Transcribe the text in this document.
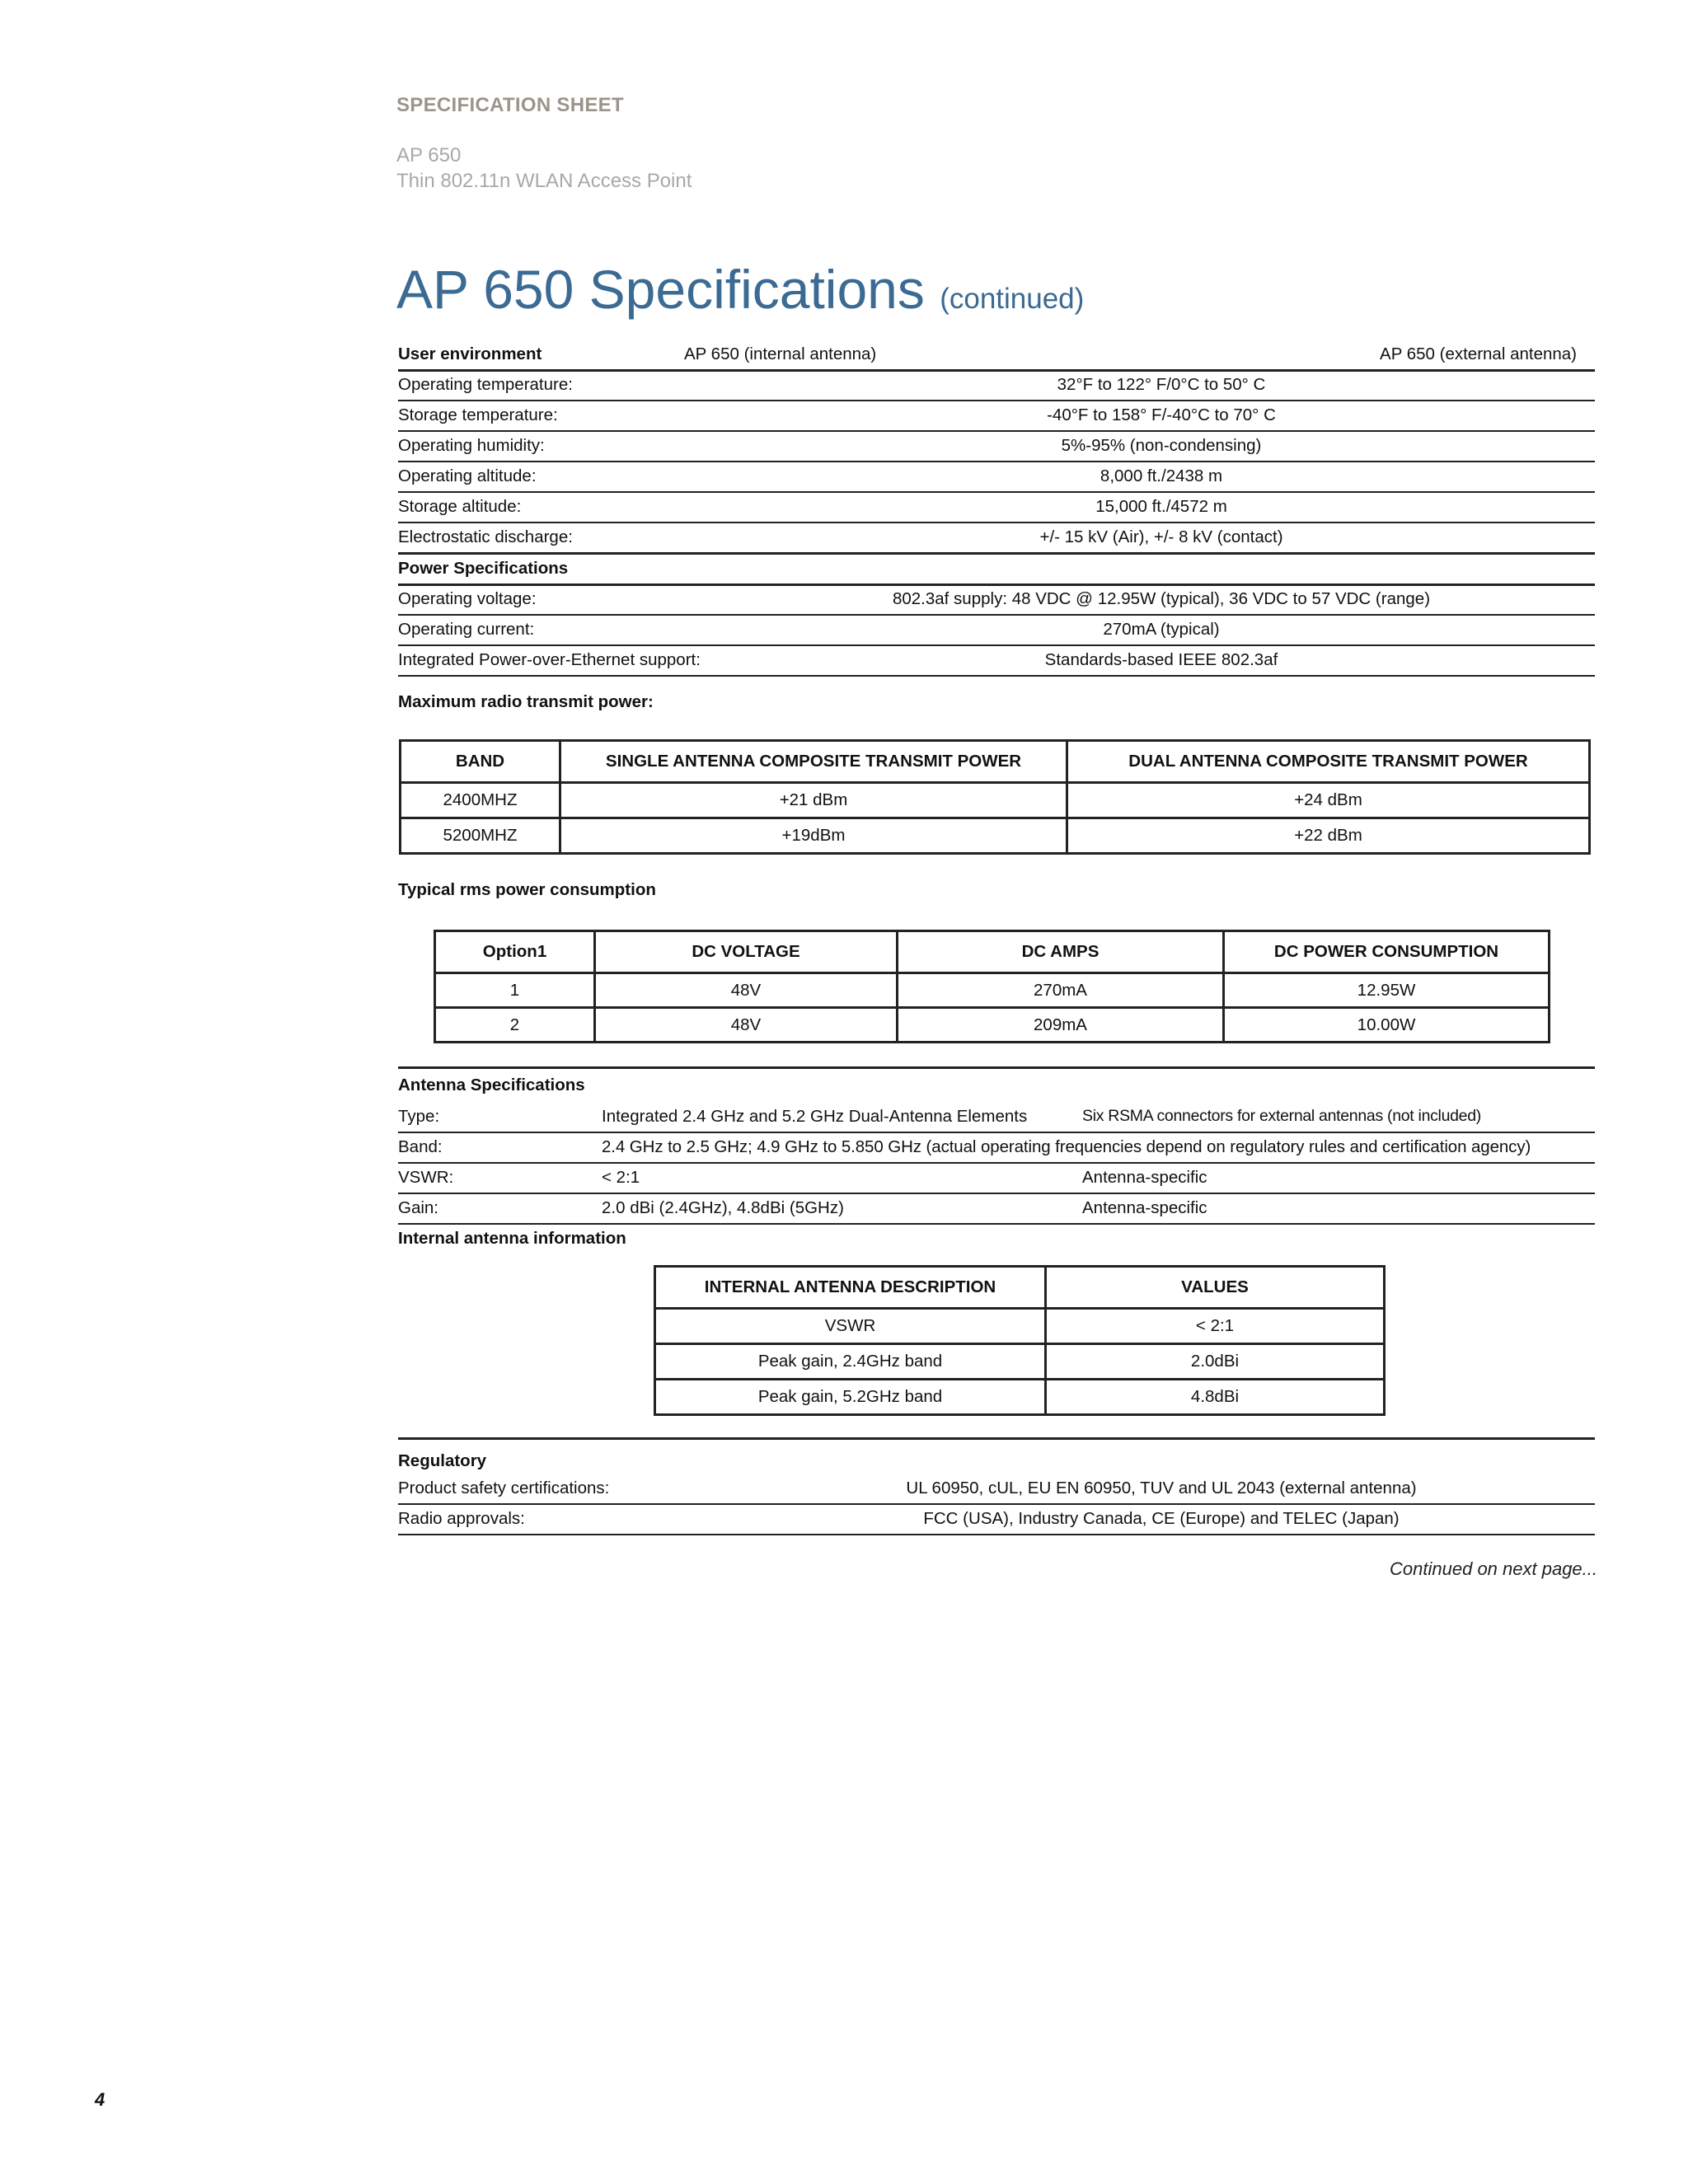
SPECIFICATION SHEET
AP 650
Thin 802.11n WLAN Access Point
AP 650 Specifications (continued)
User environment	AP 650 (internal antenna)	AP 650 (external antenna)
Operating temperature:	32°F to 122° F/0°C to 50° C
Storage temperature:	-40°F to 158° F/-40°C to 70° C
Operating humidity:	5%-95% (non-condensing)
Operating altitude:	8,000 ft./2438 m
Storage altitude:	15,000 ft./4572 m
Electrostatic discharge:	+/- 15 kV (Air), +/- 8 kV (contact)
Power Specifications
Operating voltage:	802.3af supply: 48 VDC @ 12.95W (typical), 36 VDC to 57 VDC (range)
Operating current:	270mA (typical)
Integrated Power-over-Ethernet support:	Standards-based IEEE 802.3af
Maximum radio transmit power:
BAND	SINGLE ANTENNA COMPOSITE TRANSMIT POWER	DUAL ANTENNA COMPOSITE TRANSMIT POWER
2400MHZ	+21 dBm	+24 dBm
5200MHZ	+19dBm	+22 dBm
Typical rms power consumption
Option1	DC VOLTAGE	DC AMPS	DC POWER CONSUMPTION
1	48V	270mA	12.95W
2	48V	209mA	10.00W
Antenna Specifications
Type:	Integrated 2.4 GHz and 5.2 GHz Dual-Antenna Elements	Six RSMA connectors for external antennas (not included)
Band:	2.4 GHz to 2.5 GHz; 4.9 GHz to 5.850 GHz (actual operating frequencies depend on regulatory rules and certification agency)
VSWR:	< 2:1	Antenna-specific
Gain:	2.0 dBi (2.4GHz), 4.8dBi (5GHz)	Antenna-specific
Internal antenna information
INTERNAL ANTENNA DESCRIPTION	VALUES
VSWR	< 2:1
Peak gain, 2.4GHz band	2.0dBi
Peak gain, 5.2GHz band	4.8dBi
Regulatory
Product safety certifications:	UL 60950, cUL, EU EN 60950, TUV and UL 2043 (external antenna)
Radio approvals:	FCC (USA), Industry Canada, CE (Europe) and TELEC (Japan)
Continued on next page...
4
